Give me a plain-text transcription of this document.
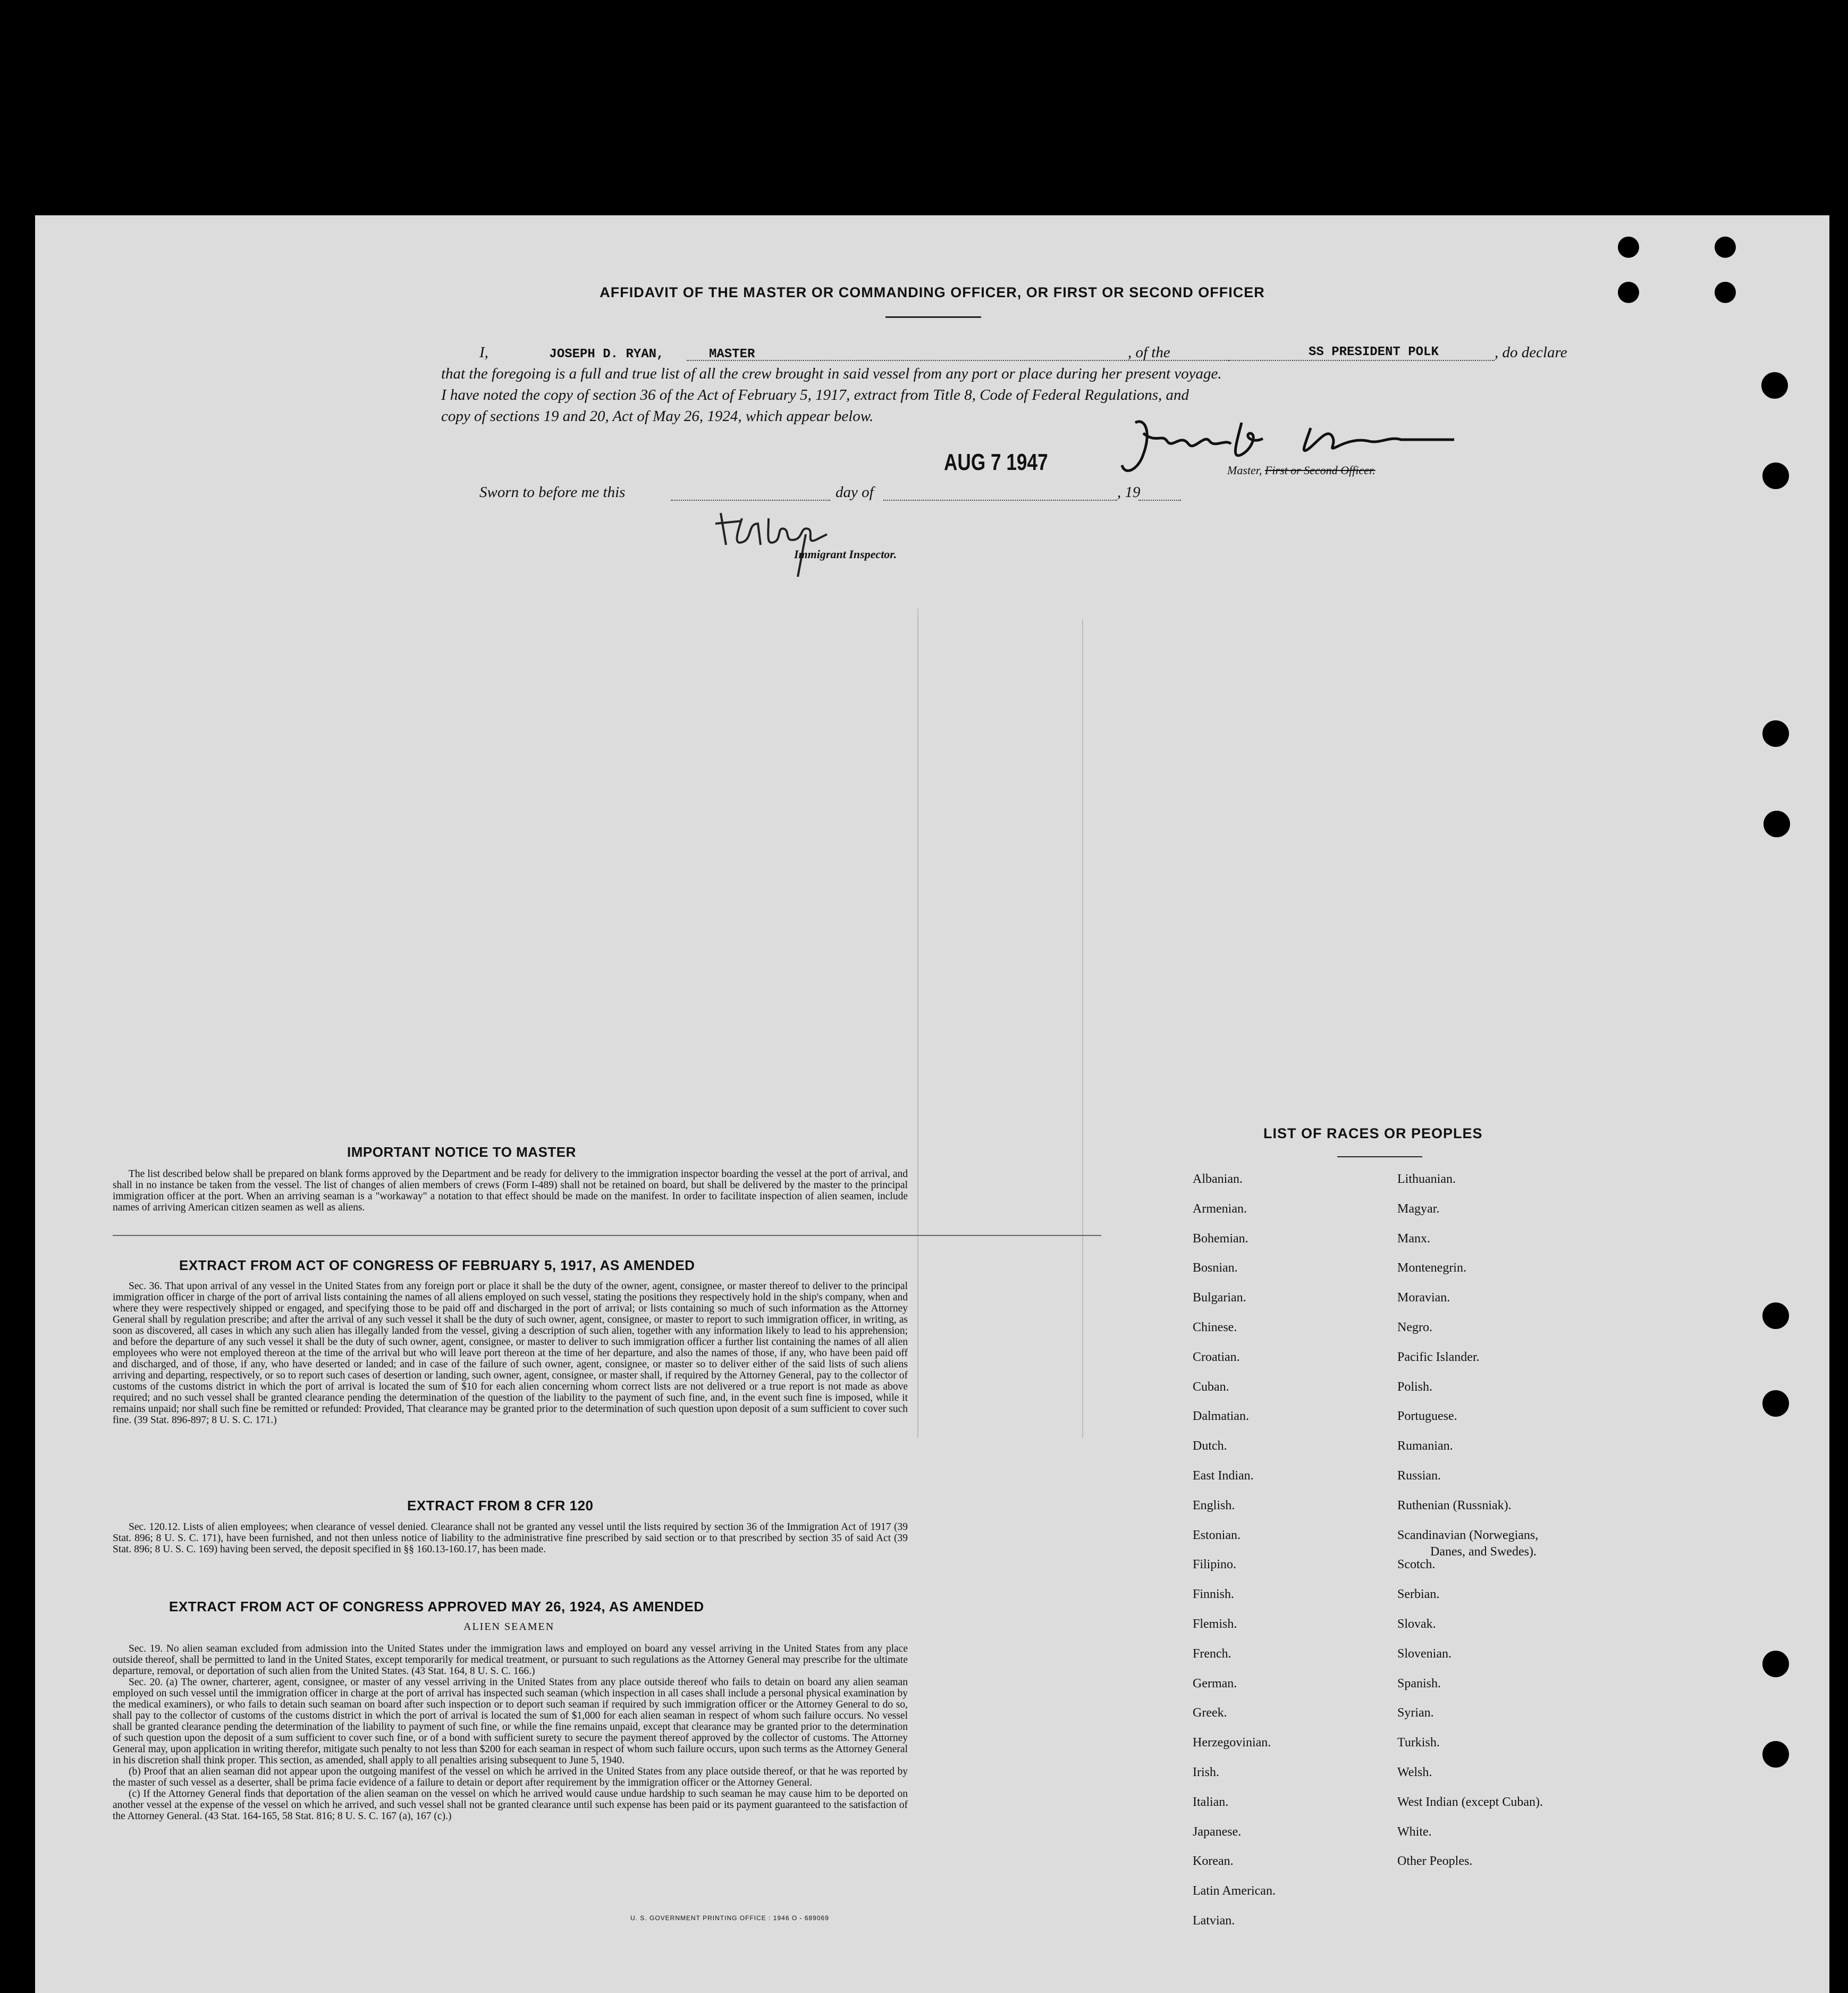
AFFIDAVIT OF THE MASTER OR COMMANDING OFFICER, OR FIRST OR SECOND OFFICER
I,	JOSEPH D. RYAN,	MASTER	, of the	SS PRESIDENT POLK	, do declare
that the foregoing is a full and true list of all the crew brought in said vessel from any port or place during her present voyage.
I have noted the copy of section 36 of the Act of February 5, 1917, extract from Title 8, Code of Federal Regulations, and
copy of sections 19 and 20, Act of May 26, 1924, which appear below.
AUG 7 1947	Master, First or Second Officer.
Sworn to before me this	day of	, 19
Immigrant Inspector.
IMPORTANT NOTICE TO MASTER

The list described below shall be prepared on blank forms approved by the Department and be ready for delivery to the immigration inspector boarding the vessel at the port of arrival, and shall in no instance be taken from the vessel. The list of changes of alien members of crews (Form I-489) shall not be retained on board, but shall be delivered by the master to the principal immigration officer at the port. When an arriving seaman is a "workaway" a notation to that effect should be made on the manifest. In order to facilitate inspection of alien seamen, include names of arriving American citizen seamen as well as aliens.

EXTRACT FROM ACT OF CONGRESS OF FEBRUARY 5, 1917, AS AMENDED

Sec. 36. That upon arrival of any vessel in the United States from any foreign port or place it shall be the duty of the owner, agent, consignee, or master thereof to deliver to the principal immigration officer in charge of the port of arrival lists containing the names of all aliens employed on such vessel, stating the positions they respectively hold in the ship's company, when and where they were respectively shipped or engaged, and specifying those to be paid off and discharged in the port of arrival; or lists containing so much of such information as the Attorney General shall by regulation prescribe; and after the arrival of any such vessel it shall be the duty of such owner, agent, consignee, or master to report to such immigration officer, in writing, as soon as discovered, all cases in which any such alien has illegally landed from the vessel, giving a description of such alien, together with any information likely to lead to his apprehension; and before the departure of any such vessel it shall be the duty of such owner, agent, consignee, or master to deliver to such immigration officer a further list containing the names of all alien employees who were not employed thereon at the time of the arrival but who will leave port thereon at the time of her departure, and also the names of those, if any, who have been paid off and discharged, and of those, if any, who have deserted or landed; and in case of the failure of such owner, agent, consignee, or master so to deliver either of the said lists of such aliens arriving and departing, respectively, or so to report such cases of desertion or landing, such owner, agent, consignee, or master shall, if required by the Attorney General, pay to the collector of customs of the customs district in which the port of arrival is located the sum of $10 for each alien concerning whom correct lists are not delivered or a true report is not made as above required; and no such vessel shall be granted clearance pending the determination of the question of the liability to the payment of such fine, and, in the event such fine is imposed, while it remains unpaid; nor shall such fine be remitted or refunded: Provided, That clearance may be granted prior to the determination of such question upon deposit of a sum sufficient to cover such fine. (39 Stat. 896-897; 8 U. S. C. 171.)

EXTRACT FROM 8 CFR 120

Sec. 120.12. Lists of alien employees; when clearance of vessel denied. Clearance shall not be granted any vessel until the lists required by section 36 of the Immigration Act of 1917 (39 Stat. 896; 8 U. S. C. 171), have been furnished, and not then unless notice of liability to the administrative fine prescribed by said section or to that prescribed by section 35 of said Act (39 Stat. 896; 8 U. S. C. 169) having been served, the deposit specified in §§ 160.13-160.17, has been made.

EXTRACT FROM ACT OF CONGRESS APPROVED MAY 26, 1924, AS AMENDED
ALIEN SEAMEN

Sec. 19. No alien seaman excluded from admission into the United States under the immigration laws and employed on board any vessel arriving in the United States from any place outside thereof, shall be permitted to land in the United States, except temporarily for medical treatment, or pursuant to such regulations as the Attorney General may prescribe for the ultimate departure, removal, or deportation of such alien from the United States. (43 Stat. 164, 8 U. S. C. 166.)

Sec. 20. (a) The owner, charterer, agent, consignee, or master of any vessel arriving in the United States from any place outside thereof who fails to detain on board any alien seaman employed on such vessel until the immigration officer in charge at the port of arrival has inspected such seaman (which inspection in all cases shall include a personal physical examination by the medical examiners), or who fails to detain such seaman on board after such inspection or to deport such seaman if required by such immigration officer or the Attorney General to do so, shall pay to the collector of customs of the customs district in which the port of arrival is located the sum of $1,000 for each alien seaman in respect of whom such failure occurs. No vessel shall be granted clearance pending the determination of the liability to payment of such fine, or while the fine remains unpaid, except that clearance may be granted prior to the determination of such question upon the deposit of a sum sufficient to cover such fine, or of a bond with sufficient surety to secure the payment thereof approved by the collector of customs. The Attorney General may, upon application in writing therefor, mitigate such penalty to not less than $200 for each seaman in respect of whom such failure occurs, upon such terms as the Attorney General in his discretion shall think proper. This section, as amended, shall apply to all penalties arising subsequent to June 5, 1940.

(b) Proof that an alien seaman did not appear upon the outgoing manifest of the vessel on which he arrived in the United States from any place outside thereof, or that he was reported by the master of such vessel as a deserter, shall be prima facie evidence of a failure to detain or deport after requirement by the immigration officer or the Attorney General.

(c) If the Attorney General finds that deportation of the alien seaman on the vessel on which he arrived would cause undue hardship to such seaman he may cause him to be deported on another vessel at the expense of the vessel on which he arrived, and such vessel shall not be granted clearance until such expense has been paid or its payment guaranteed to the satisfaction of the Attorney General. (43 Stat. 164-165, 58 Stat. 816; 8 U. S. C. 167 (a), 167 (c).)

U. S. GOVERNMENT PRINTING OFFICE : 1946 O - 689069
LIST OF RACES OR PEOPLES
Albanian.
Armenian.
Bohemian.
Bosnian.
Bulgarian.
Chinese.
Croatian.
Cuban.
Dalmatian.
Dutch.
East Indian.
English.
Estonian.
Filipino.
Finnish.
Flemish.
French.
German.
Greek.
Herzegovinian.
Irish.
Italian.
Japanese.
Korean.
Latin American.
Latvian.
Lithuanian.
Magyar.
Manx.
Montenegrin.
Moravian.
Negro.
Pacific Islander.
Polish.
Portuguese.
Rumanian.
Russian.
Ruthenian (Russniak).
Scandinavian (Norwegians,
Danes, and Swedes).
Scotch.
Serbian.
Slovak.
Slovenian.
Spanish.
Syrian.
Turkish.
Welsh.
West Indian (except Cuban).
White.
Other Peoples.
